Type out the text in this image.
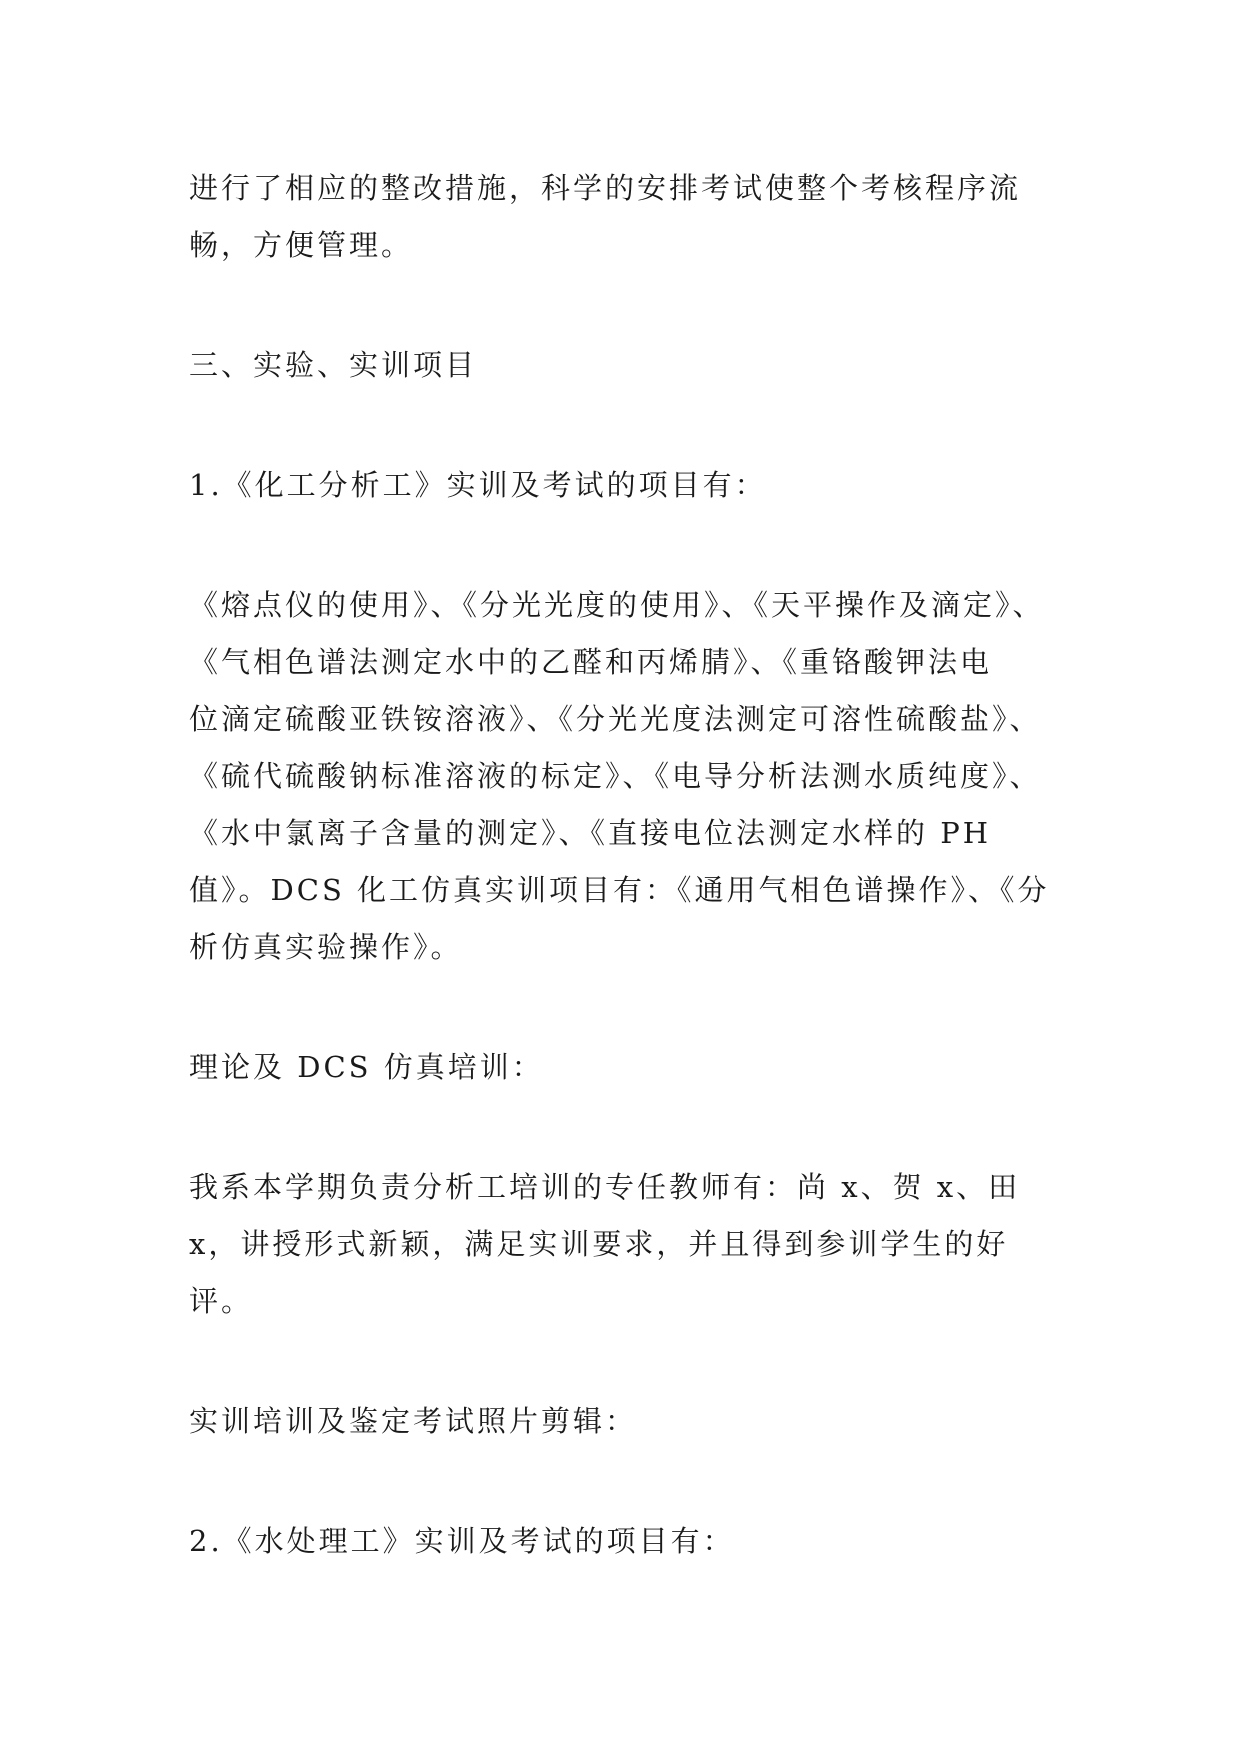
进行了相应的整改措施，科学的安排考试使整个考核程序流
畅，方便管理。

三、实验、实训项目

1.《化工分析工》实训及考试的项目有：

《熔点仪的使用》、《分光光度的使用》、《天平操作及滴定》、
《气相色谱法测定水中的乙醛和丙烯腈》、《重铬酸钾法电
位滴定硫酸亚铁铵溶液》、《分光光度法测定可溶性硫酸盐》、
《硫代硫酸钠标准溶液的标定》、《电导分析法测水质纯度》、
《水中氯离子含量的测定》、《直接电位法测定水样的 PH
值》。DCS 化工仿真实训项目有：《通用气相色谱操作》、《分
析仿真实验操作》。

理论及 DCS 仿真培训：

我系本学期负责分析工培训的专任教师有：尚 x、贺 x、田
x，讲授形式新颖，满足实训要求，并且得到参训学生的好
评。

实训培训及鉴定考试照片剪辑：

2.《水处理工》实训及考试的项目有：
